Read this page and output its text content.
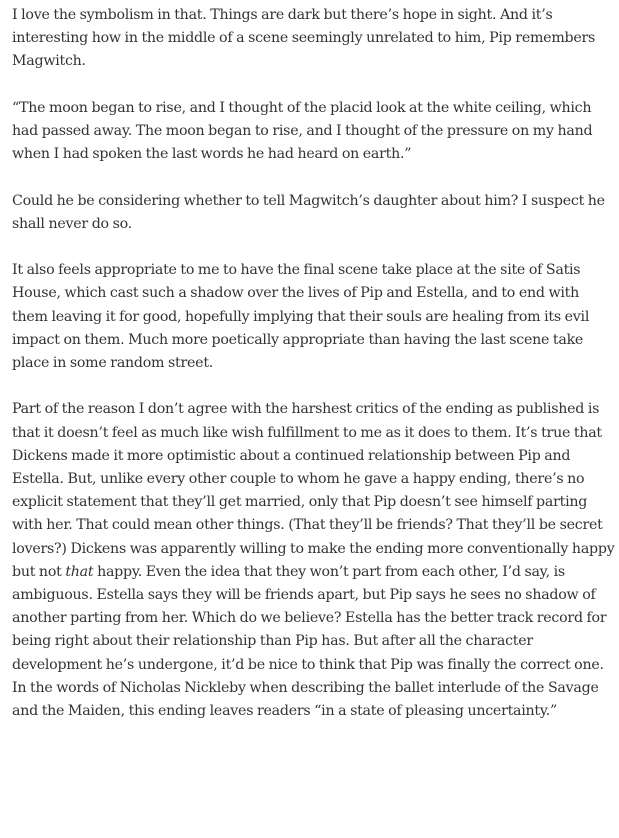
I love the symbolism in that. Things are dark but there’s hope in sight. And it’s interesting how in the middle of a scene seemingly unrelated to him, Pip remembers Magwitch.

“The moon began to rise, and I thought of the placid look at the white ceiling, which had passed away. The moon began to rise, and I thought of the pressure on my hand when I had spoken the last words he had heard on earth.”

Could he be considering whether to tell Magwitch’s daughter about him? I suspect he shall never do so.

It also feels appropriate to me to have the final scene take place at the site of Satis House, which cast such a shadow over the lives of Pip and Estella, and to end with them leaving it for good, hopefully implying that their souls are healing from its evil impact on them. Much more poetically appropriate than having the last scene take place in some random street.

Part of the reason I don’t agree with the harshest critics of the ending as published is that it doesn’t feel as much like wish fulfillment to me as it does to them. It’s true that Dickens made it more optimistic about a continued relationship between Pip and Estella. But, unlike every other couple to whom he gave a happy ending, there’s no explicit statement that they’ll get married, only that Pip doesn’t see himself parting with her. That could mean other things. (That they’ll be friends? That they’ll be secret lovers?) Dickens was apparently willing to make the ending more conventionally happy but not that happy. Even the idea that they won’t part from each other, I’d say, is ambiguous. Estella says they will be friends apart, but Pip says he sees no shadow of another parting from her. Which do we believe? Estella has the better track record for being right about their relationship than Pip has. But after all the character development he’s undergone, it’d be nice to think that Pip was finally the correct one. In the words of Nicholas Nickleby when describing the ballet interlude of the Savage and the Maiden, this ending leaves readers “in a state of pleasing uncertainty.”
